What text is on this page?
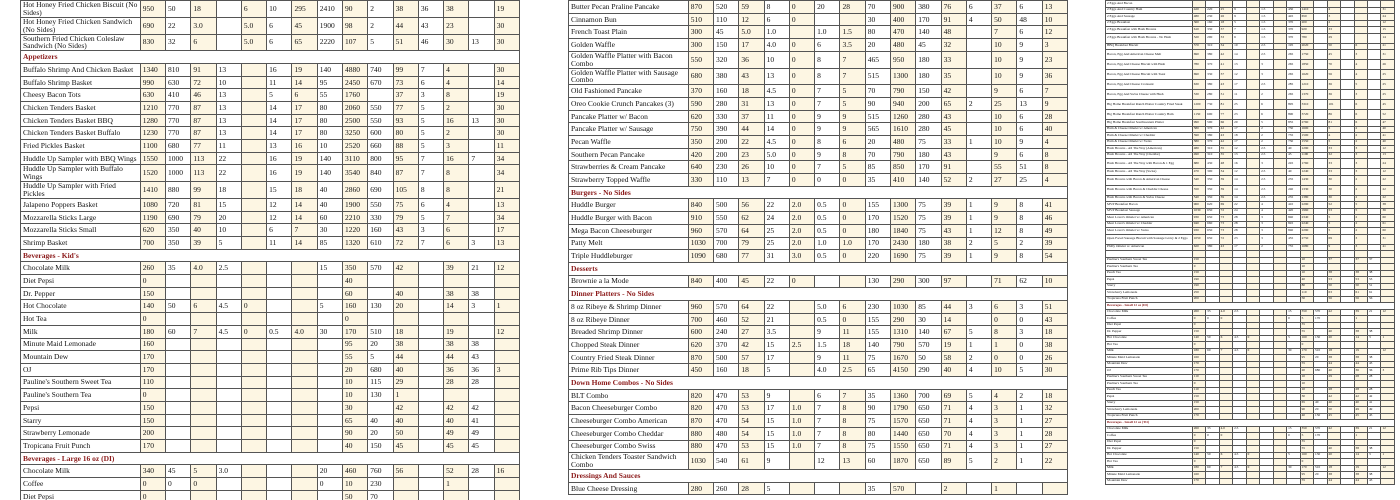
Hot Honey Fried Chicken Biscuit (No Sides)	950	50	18		6	10	295	2410	90	2	38	36	38		19
Hot Honey Fried Chicken Sandwich (No Sides)	690	22	3.0		5.0	6	45	1900	98	2	44	43	23		30
Southern Fried Chicken Coleslaw Sandwich (No Sides)	830	32	6		5.0	6	65	2220	107	5	51	46	30	13	30
Appetizers															
Buffalo Shrimp And Chicken Basket	1340	810	91	13		16	19	140	4880	740	99	7	4		30
Buffalo Shrimp Basket	990	630	72	10		11	14	95	2450	670	73	6	4		14
Cheesy Bacon Tots	630	410	46	13		5	6	55	1760		37	3	8		19
Chicken Tenders Basket	1210	770	87	13		14	17	80	2060	550	77	5	2		30
Chicken Tenders Basket BBQ	1280	770	87	13		14	17	80	2500	550	93	5	16	13	30
Chicken Tenders Basket Buffalo	1230	770	87	13		14	17	80	3250	600	80	5	2		30
Fried Pickles Basket	1100	680	77	11		13	16	10	2520	660	88	5	3		11
Huddle Up Sampler with BBQ Wings	1550	1000	113	22		16	19	140	3110	800	95	7	16	7	34
Huddle Up Sampler with Buffalo Wings	1520	1000	113	22		16	19	140	3540	840	87	7	8		34
Huddle Up Sampler with Fried Pickles	1410	880	99	18		15	18	40	2860	690	105	8	8		21
Jalapeno Poppers Basket	1080	720	81	15		12	14	40	1900	550	75	6	4		13
Mozzarella Sticks Large	1190	690	79	20		12	14	60	2210	330	79	5	7		34
Mozzarella Sticks Small	620	350	40	10		6	7	30	1220	160	43	3	6		17
Shrimp Basket	700	350	39	5		11	14	85	1320	610	72	7	6	3	13
Beverages - Kid's															
Chocolate Milk	260	35	4.0	2.5				15	350	570	42		39	21	12
Diet Pepsi	0								40						
Dr. Pepper	150								60		40		38	38	
Hot Chocolate	140	50	6	4.5	0			5	160	130	20		14	3	1
Hot Tea	0								0						
Milk	180	60	7	4.5	0	0.5	4.0	30	170	510	18		19		12
Minute Maid Lemonade	160								95	20	38		38	38	
Mountain Dew	170								55	5	44		44	43	
OJ	170								20	680	40		36	36	3
Pauline's Southern Sweet Tea	110								10	115	29		28	28	
Pauline's Southern Tea	0								10	130	1				
Pepsi	150								30		42		42	42	
Starry	150								65	40	40		40	41	
Strawberry Lemonade	200								90	20	50		49	49	
Tropicana Fruit Punch	170								40	150	45		45	45	
Beverages - Large 16 oz (DI)															
Chocolate Milk	340	45	5	3.0				20	460	760	56		52	28	16
Coffee	0	0	0					0	10	230			1		
Diet Pepsi	0								50	70					
Butter Pecan Praline Pancake	870	520	59	8	0	20	28	70	900	380	76	6	37	6	13
Cinnamon Bun	510	110	12	6	0			30	400	170	91	4	50	48	10
French Toast Plain	300	45	5.0	1.0		1.0	1.5	80	470	140	48		7	6	12
Golden Waffle	300	150	17	4.0	0	6	3.5	20	480	45	32		10	9	3
Golden Waffle Platter with Bacon Combo	550	320	36	10	0	8	7	465	950	180	33		10	9	23
Golden Waffle Platter with Sausage Combo	680	380	43	13	0	8	7	515	1300	180	35		10	9	36
Old Fashioned Pancake	370	160	18	4.5	0	7	5	70	790	150	42		9	6	7
Oreo Cookie Crunch Pancakes (3)	590	280	31	13	0	7	5	90	940	200	65	2	25	13	9
Pancake Platter w/ Bacon	620	330	37	11	0	9	9	515	1260	280	43		10	6	28
Pancake Platter w/ Sausage	750	390	44	14	0	9	9	565	1610	280	45		10	6	40
Pecan Waffle	350	200	22	4.5	0	8	6	20	480	75	33	1	10	9	4
Southern Pecan Pancake	420	200	23	5.0	0	9	8	70	790	180	43		9	6	8
Strawberries & Cream Pancake	640	230	26	10	0	7	5	85	850	170	91		55	51	8
Strawberry Topped Waffle	330	110	13	7	0	0	0	35	410	140	52	2	27	25	4
Burgers - No Sides															
Huddle Burger	840	500	56	22	2.0	0.5	0	155	1300	75	39	1	9	8	41
Huddle Burger with Bacon	910	550	62	24	2.0	0.5	0	170	1520	75	39	1	9	8	46
Mega Bacon Cheeseburger	960	570	64	25	2.0	0.5	0	180	1840	75	43	1	12	8	49
Patty Melt	1030	700	79	25	2.0	1.0	1.0	170	2430	180	38	2	5	2	39
Triple Huddleburger	1090	680	77	31	3.0	0.5	0	220	1690	75	39	1	9	8	54
Desserts															
Brownie a la Mode	840	400	45	22	0			130	290	300	97		71	62	10
Dinner Platters - No Sides															
8 oz Ribeye & Shrimp Dinner	960	570	64	22		5.0	6	230	1030	85	44	3	6	3	51
8 oz Ribeye Dinner	700	460	52	21		0.5	0	155	290	30	14		0	0	43
Breaded Shrimp Dinner	600	240	27	3.5		9	11	155	1310	140	67	5	8	3	18
Chopped Steak Dinner	620	370	42	15	2.5	1.5	18	140	790	570	19	1	1	0	38
Country Fried Steak Dinner	870	500	57	17		9	11	75	1670	50	58	2	0	0	26
Prime Rib Tips Dinner	450	160	18	5		4.0	2.5	65	4150	290	40	4	10	5	30
Down Home Combos - No Sides															
BLT Combo	820	470	53	9		6	7	35	1360	700	69	5	4	2	18
Bacon Cheeseburger Combo	820	470	53	17	1.0	7	8	90	1790	650	71	4	3	1	32
Cheeseburger Combo American	870	470	54	15	1.0	7	8	75	1570	650	71	4	3	1	27
Cheeseburger Combo Cheddar	880	480	54	15	1.0	7	8	80	1440	650	70	4	3	1	28
Cheeseburger Combo Swiss	880	470	53	15	1.0	7	8	75	1550	650	71	4	3	1	27
Chicken Tenders Toaster Sandwich Combo	1030	540	61	9		12	13	60	1870	650	89	5	2	1	22
Dressings And Sauces															
Blue Cheese Dressing	280	260	28	5				35	570		2		1		
2 Eggs And Bacon															
2 Eggs And Country Ham	420	220	25	9		1.5		430	1410		2				31
2 Eggs And Sausage	480	230	26	9		1.5		445	650		3				24
2 Eggs Breakfast	360	160	18	5		1.5		370	200		2				12
2 Eggs Breakfast with Hash Browns	610	330	37	7		1.5		370	920		33				15
2 Eggs Breakfast with Hash Browns - No Hash	520	290	33	6		1.5		370	780		29				14
BBQ Breakfast Biscuit	570	310	34	10		2.5		195	2020		50		6		21
Bacon, Egg And American Cheese Melt	690	380	42	14		2.5		265	1750		45		3		31
Bacon, Egg And Cheese Biscuit with Hash	780	370	41	13		3		265	1850		70		4		26
Bacon, Egg And Cheese Biscuit with Toast	690	330	37	12		3		265	1620		56		4		25
Bacon, Egg And Cheese Croissant	630	380	43	17		2.5		285	1210		36		5		25
Bacon, Egg And Swiss Cheese with Hash	530	280	31	11		2		265	1370		36		3		25
Big Home Breakfast Ranch Platter Country Fried Steak	1200	730	81	25		6		895	3310		101		6		45
Big Home Breakfast Ranch Platter Country Ham	1150	690	77	23		6		890	3720		86		6		52
Big Home Breakfast Southwestern Platter	990	590	66	20		5		855	2760		81		6		47
Ham & Cheese Omelet w/ American	580	370	42	17		2		730	1600		5		2		40
Ham & Cheese Omelet w/ Cheddar	590	380	43	18		2		735	1500		4		2		41
Ham & Cheese Omelet w/ Swiss	580	370	42	17		2		730	1550		5		2		40
Hash Browns - All The Way (American)	480	310	35	12		2.5		40	1290		33		3		12
Hash Browns - All The Way (Cheddar)	490	310	35	13		2.5		45	1190		32		3		13
Hash Browns - All The Way with Bacon & 1 Egg	680	430	48	16		3		245	1760		33		3		24
Hash Browns - All The Way (Swiss)	470	300	34	12		2.5		40	1240		33		3		12
Hash Browns with Bacon & American Cheese	540	350	39	14		2.5		235	1430		30		2		22
Hash Browns with Bacon & Cheddar Cheese	550	350	39	14		2.5		240	1330		30		2		22
Hash Browns with Bacon & Swiss Cheese	540	350	39	14		2.5		235	1380		30		2		22
MVP Breakfast Bacon	960	620	69	22		4		410	2290		52		5		38
MVP Breakfast Sausage	1030	650	72	24		4		420	1960		53		5		36
Meat Lover's Omelet w/ American	930	650	73	28		3		840	2340		5		2		60
Meat Lover's Omelet w/ Cheddar	940	660	73	28		3		845	2240		5		2		61
Meat Lover's Omelet w/ Swiss	930	650	73	28		3		840	2290		5		2		60
Open Faced Sausage Biscuit with Sausage Gravy & 2 Eggs	1050	650	72	23		3		455	2750		69		3		31
Philly Omelet w/ American	620	380	43	17		2		755	1680		9		3		41

Pauline's Southern Sweet Tea	150								10		37		37	37	
Pauline's Southern Tea	0								10						
Peach Tea	150								10		38		38	38	
Pepsi	190								40		53		53	53	
Starry	190								80		50		50	51	
Strawberry Lemonade	250								110		63		61	61	
Tropicana Fruit Punch	200								50		56		56	56	
Beverages - Small 12 oz (DI)															
Chocolate Milk	260	35	4.0	2.5				15	350	570	42		39	21	12
Coffee	0	0	0					0	5	170			1		
Diet Pepsi	0								35						
Dr. Pepper	150								55		40		38	38	
Hot Chocolate	140	50	6	4.5	0			5	160	130	20		14	3	1
Hot Tea	0								0						
Milk	180	60	7	4.5	0			30	170	510	18		19		12
Minute Maid Lemonade	160								95	20	38		38	38	
Mountain Dew	170								55		44		44	43	
OJ	170								20	680	40		36	36	3
Pauline's Southern Sweet Tea	110								10		29		28	28	
Pauline's Southern Tea	0								10						
Peach Tea	110								10		28		28	28	
Pepsi	150								30		42		42	42	
Starry	150								65	40	40		40	41	
Strawberry Lemonade	200								90	20	50		49	49	
Tropicana Fruit Punch	170								40	150	45		45	45	
Beverages - Small 12 oz (TO)															
Chocolate Milk	260	35	4.0	2.5				15	350	570	42		39	21	12
Coffee	0	0	0					0	5	170			1		
Diet Pepsi	0								35						
Dr. Pepper	150								55		40		38	38	
Hot Chocolate	140	50	6	4.5	0			5	160	130	20		14	3	1
Hot Tea	0								0						
Milk	180	60	7	4.5	0			30	170	510	18		19		12
Minute Maid Lemonade	160								95	20	38		38	38	
Mountain Dew	170								55		44		44	43	
